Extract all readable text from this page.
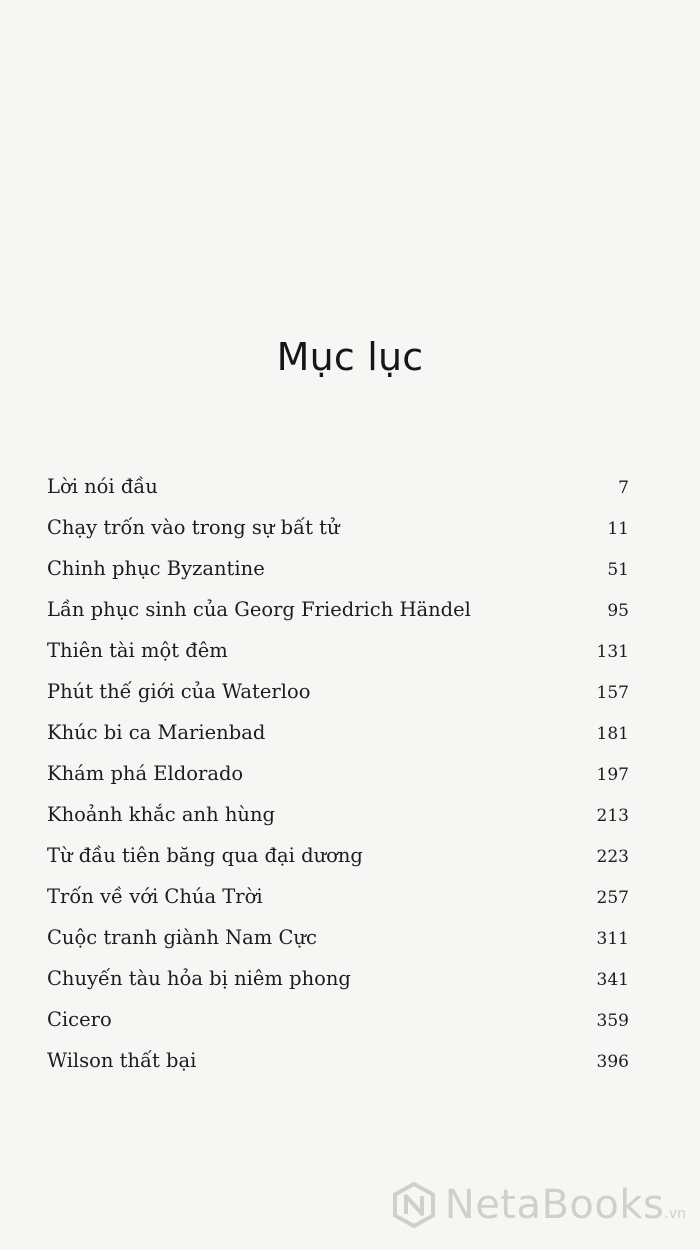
Mục lục
Lời nói đầu	7
Chạy trốn vào trong sự bất tử	11
Chinh phục Byzantine	51
Lần phục sinh của Georg Friedrich Händel	95
Thiên tài một đêm	131
Phút thế giới của Waterloo	157
Khúc bi ca Marienbad	181
Khám phá Eldorado	197
Khoảnh khắc anh hùng	213
Từ đầu tiên băng qua đại dương	223
Trốn về với Chúa Trời	257
Cuộc tranh giành Nam Cực	311
Chuyến tàu hỏa bị niêm phong	341
Cicero	359
Wilson thất bại	396
NetaBooks .vn
